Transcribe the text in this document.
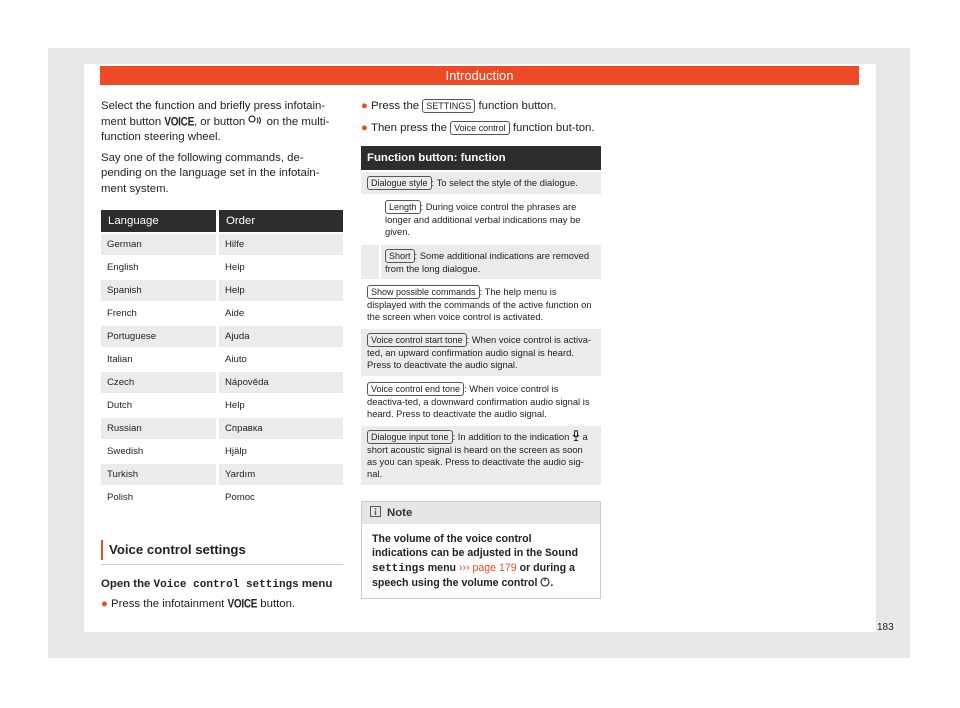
Introduction

Select the function and briefly press infotain-ment button VOICE, or button  on the multi-function steering wheel.

Say one of the following commands, de-pending on the language set in the infotain-ment system.

Language	Order
German	Hilfe
English	Help
Spanish	Help
French	Aide
Portuguese	Ajuda
Italian	Aiuto
Czech	Nápověda
Dutch	Help
Russian	Справка
Swedish	Hjälp
Turkish	Yardım
Polish	Pomoc
Voice control settings
Open the Voice control settings menu
● Press the infotainment VOICE button.
● Press the SETTINGS function button.
● Then press the Voice control function but-ton.
Function button: function
Dialogue style : To select the style of the dialogue.
Length : During voice control the phrases are longer and additional verbal indications may be given.
Short : Some additional indications are removed from the long dialogue.
Show possible commands : The help menu is displayed with the commands of the active function on the screen when voice control is activated.
Voice control start tone : When voice control is activa-ted, an upward confirmation audio signal is heard. Press to deactivate the audio signal.
Voice control end tone : When voice control is deactiva-ted, a downward confirmation audio signal is heard. Press to deactivate the audio signal.
Dialogue input tone : In addition to the indication  a short acoustic signal is heard on the screen as soon as you can speak. Press to deactivate the audio sig-nal.
Note
The volume of the voice control indications can be adjusted in the Sound settings menu ››› page 179 or during a speech using the volume control .
183
